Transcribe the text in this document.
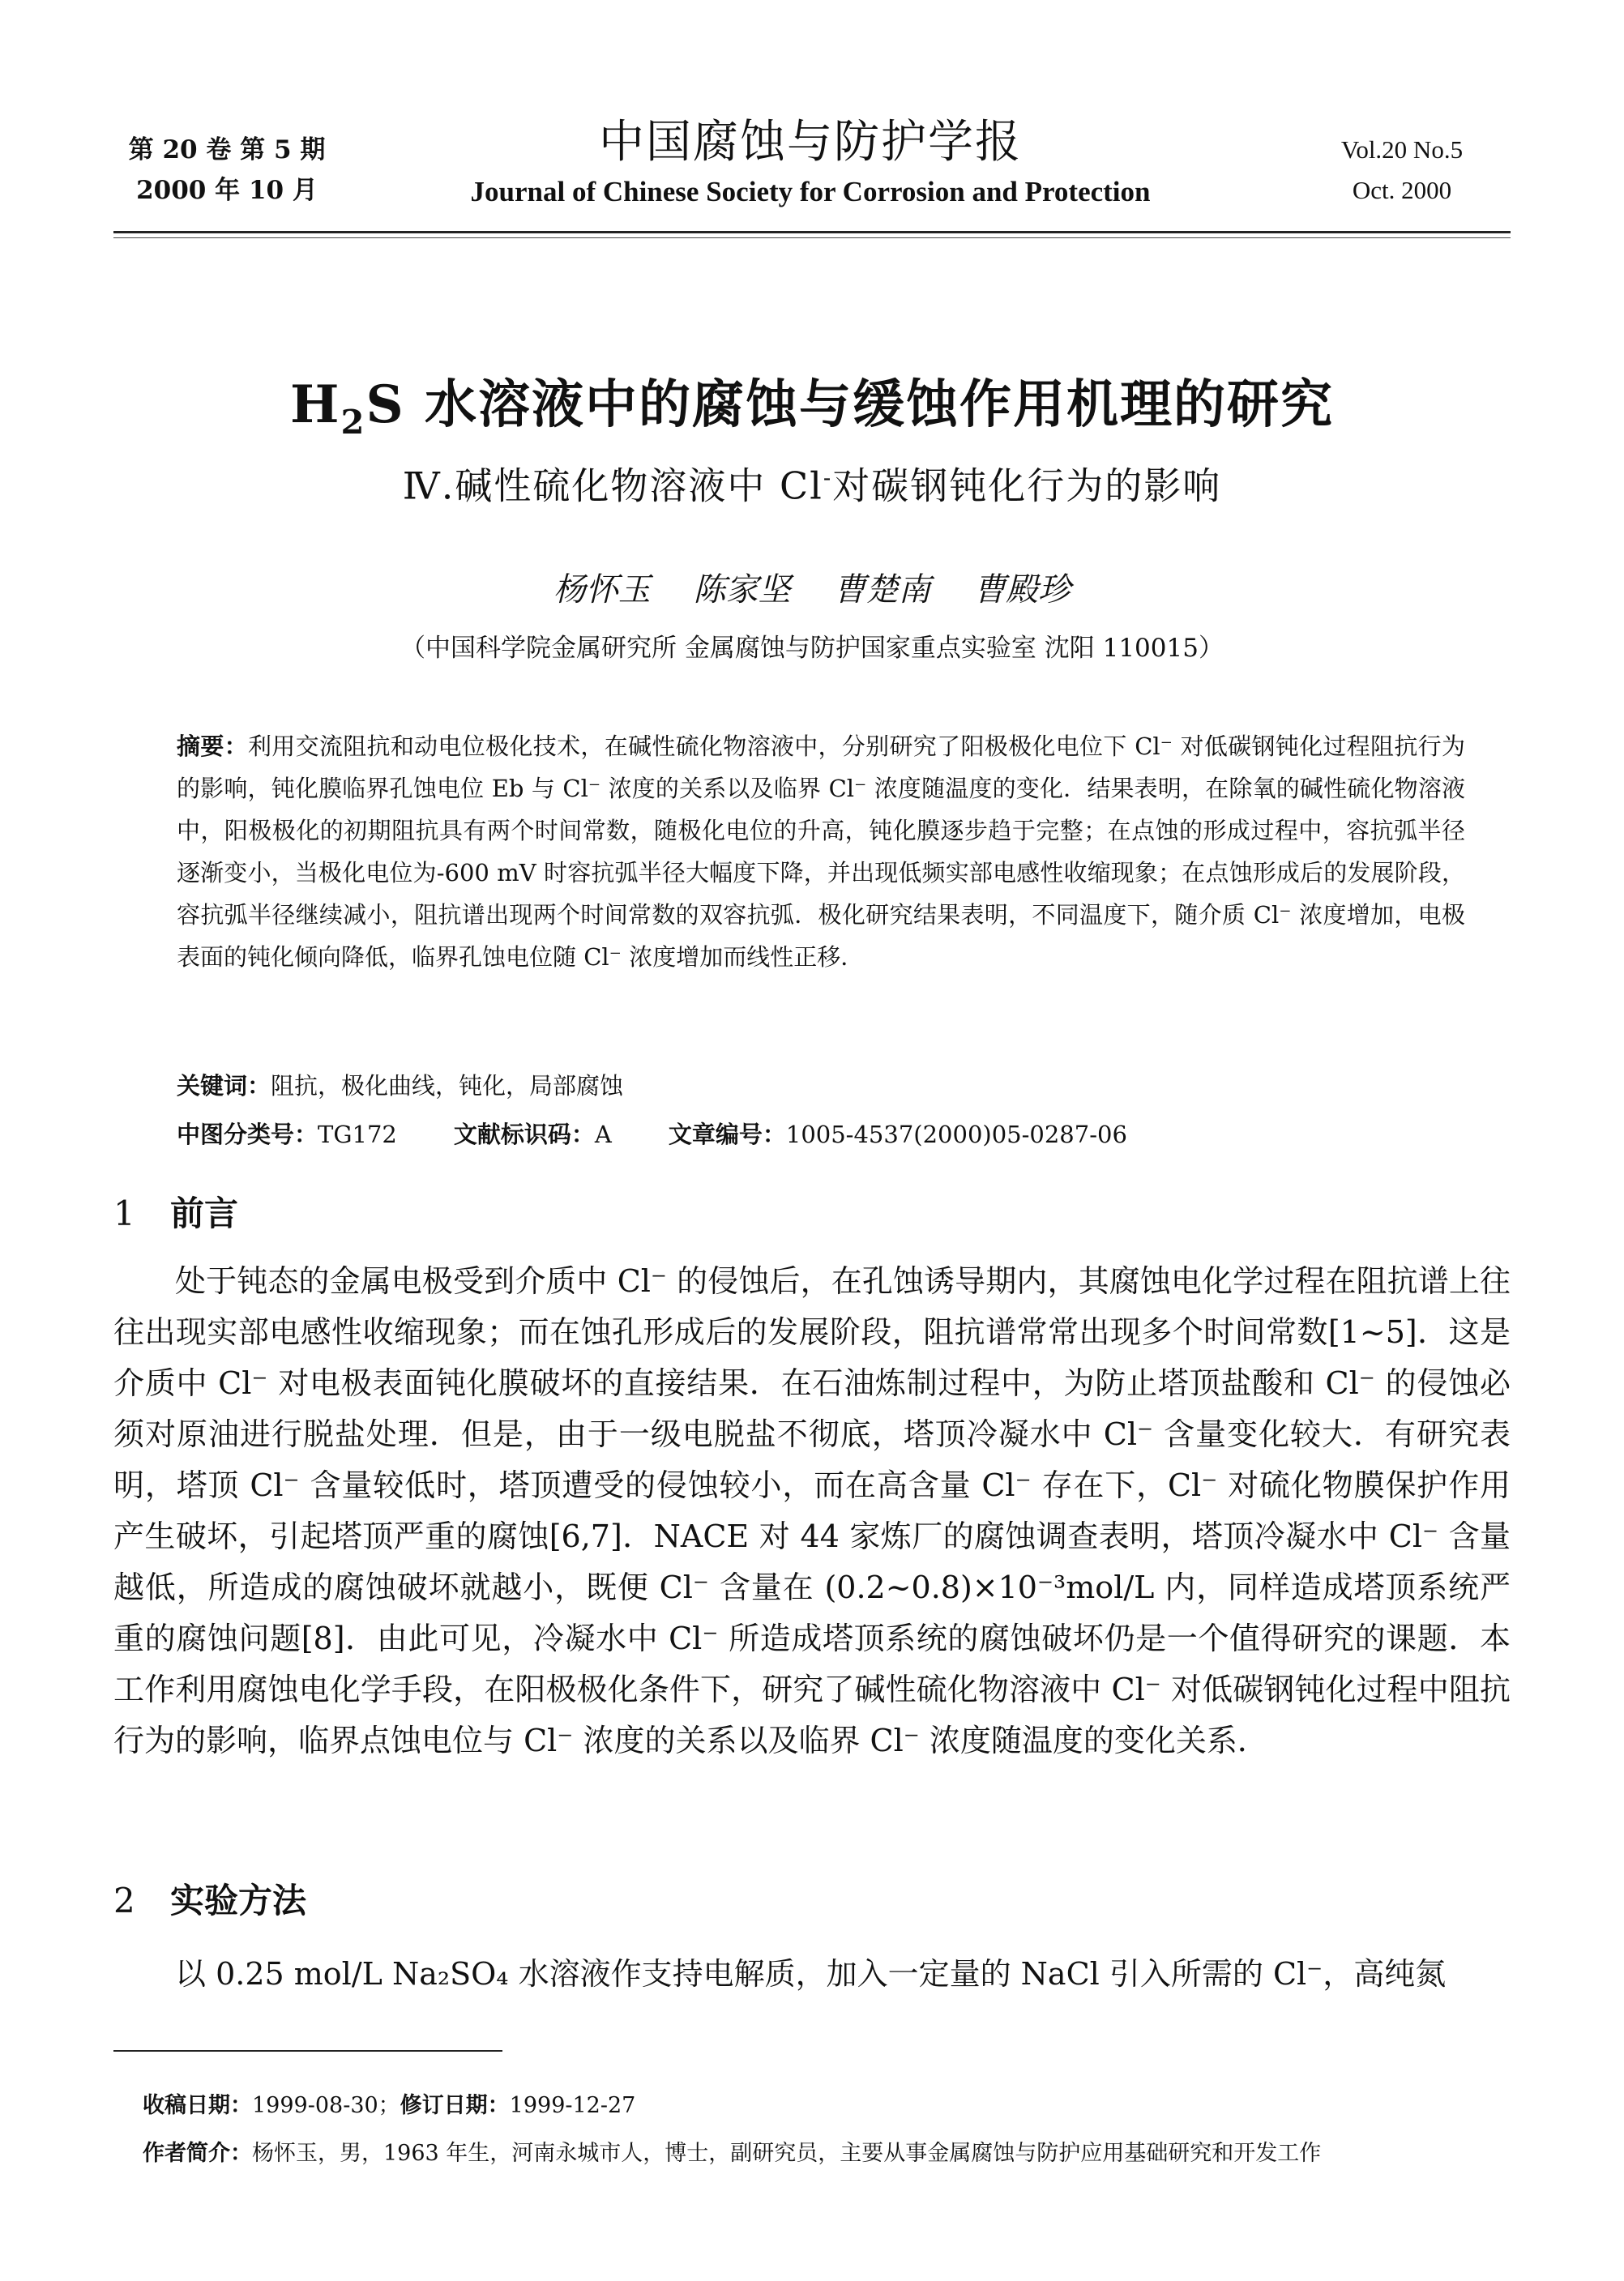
第 20 卷 第 5 期
2000 年 10 月
中国腐蚀与防护学报
Journal of Chinese Society for Corrosion and Protection
Vol.20 No.5
Oct. 2000
$H_2S$ 水溶液中的腐蚀与缓蚀作用机理的研究
Ⅳ.碱性硫化物溶液中 Cl-对碳钢钝化行为的影响
杨怀玉 陈家坚 曹楚南 曹殿珍
（中国科学院金属研究所 金属腐蚀与防护国家重点实验室 沈阳 110015）
摘要：利用交流阻抗和动电位极化技术，在碱性硫化物溶液中，分别研究了阳极极化电位下 Cl⁻ 对低碳钢钝化过程阻抗行为的影响，钝化膜临界孔蚀电位 Eb 与 Cl⁻ 浓度的关系以及临界 Cl⁻ 浓度随温度的变化．结果表明，在除氧的碱性硫化物溶液中，阳极极化的初期阻抗具有两个时间常数，随极化电位的升高，钝化膜逐步趋于完整；在点蚀的形成过程中，容抗弧半径逐渐变小，当极化电位为-600 mV 时容抗弧半径大幅度下降，并出现低频实部电感性收缩现象；在点蚀形成后的发展阶段，容抗弧半径继续减小，阻抗谱出现两个时间常数的双容抗弧．极化研究结果表明，不同温度下，随介质 Cl⁻ 浓度增加，电极表面的钝化倾向降低，临界孔蚀电位随 Cl⁻ 浓度增加而线性正移．
关键词：阻抗，极化曲线，钝化，局部腐蚀
中图分类号：TG172 文献标识码：A 文章编号：1005-4537(2000)05-0287-06
1 前言
处于钝态的金属电极受到介质中 Cl⁻ 的侵蚀后，在孔蚀诱导期内，其腐蚀电化学过程在阻抗谱上往往出现实部电感性收缩现象；而在蚀孔形成后的发展阶段，阻抗谱常常出现多个时间常数[1~5]．这是介质中 Cl⁻ 对电极表面钝化膜破坏的直接结果．在石油炼制过程中，为防止塔顶盐酸和 Cl⁻ 的侵蚀必须对原油进行脱盐处理．但是，由于一级电脱盐不彻底，塔顶冷凝水中 Cl⁻ 含量变化较大．有研究表明，塔顶 Cl⁻ 含量较低时，塔顶遭受的侵蚀较小，而在高含量 Cl⁻ 存在下，Cl⁻ 对硫化物膜保护作用产生破坏，引起塔顶严重的腐蚀[6,7]．NACE 对 44 家炼厂的腐蚀调查表明，塔顶冷凝水中 Cl⁻ 含量越低，所造成的腐蚀破坏就越小，既便 Cl⁻ 含量在 (0.2~0.8)×10⁻³mol/L 内，同样造成塔顶系统严重的腐蚀问题[8]．由此可见，冷凝水中 Cl⁻ 所造成塔顶系统的腐蚀破坏仍是一个值得研究的课题．本工作利用腐蚀电化学手段，在阳极极化条件下，研究了碱性硫化物溶液中 Cl⁻ 对低碳钢钝化过程中阻抗行为的影响，临界点蚀电位与 Cl⁻ 浓度的关系以及临界 Cl⁻ 浓度随温度的变化关系．
2 实验方法
以 0.25 mol/L Na₂SO₄ 水溶液作支持电解质，加入一定量的 NaCl 引入所需的 Cl⁻，高纯氮
收稿日期：1999-08-30；修订日期：1999-12-27
作者简介：杨怀玉，男，1963 年生，河南永城市人，博士，副研究员，主要从事金属腐蚀与防护应用基础研究和开发工作
